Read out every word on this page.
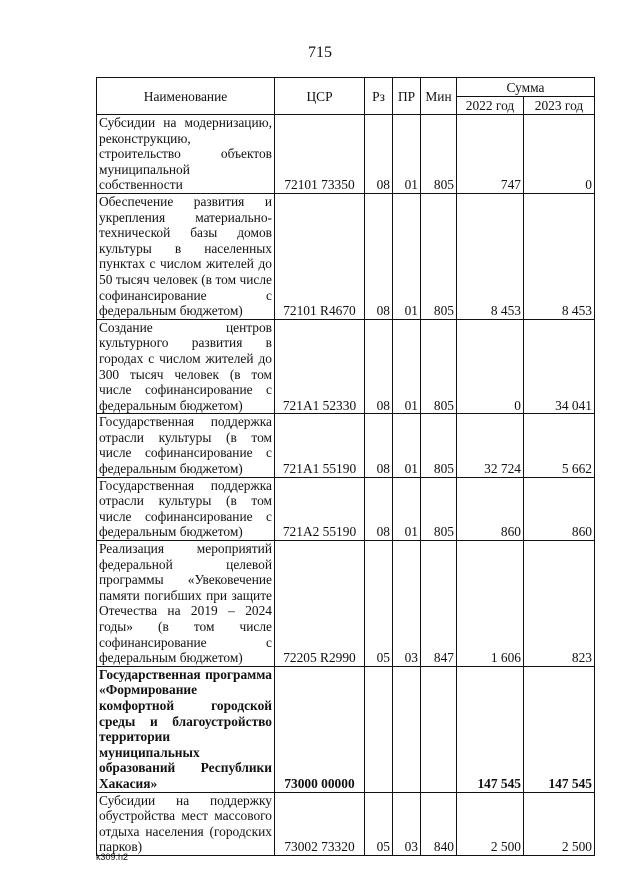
715
Наименование	ЦСР	Рз	ПР	Мин	Сумма	
					2022 год	2023 год
Субсидии на модернизацию, реконструкцию, строительство объектов муниципальной собственности	72101 73350	08	01	805	747	0
Обеспечение развития и укрепления материально-технической базы домов культуры в населенных пунктах с числом жителей до 50 тысяч человек (в том числе софинансирование с федеральным бюджетом)	72101 R4670	08	01	805	8 453	8 453
Создание центров культурного развития в городах с числом жителей до 300 тысяч человек (в том числе софинансирование с федеральным бюджетом)	721A1 52330	08	01	805	0	34 041
Государственная поддержка отрасли культуры (в том числе софинансирование с федеральным бюджетом)	721A1 55190	08	01	805	32 724	5 662
Государственная поддержка отрасли культуры (в том числе софинансирование с федеральным бюджетом)	721A2 55190	08	01	805	860	860
Реализация мероприятий федеральной целевой программы «Увековечение памяти погибших при защите Отечества на 2019 – 2024 годы» (в том числе софинансирование с федеральным бюджетом)	72205 R2990	05	03	847	1 606	823
Государственная программа «Формирование комфортной городской среды и благоустройство территории муниципальных образований Республики Хакасия»	73000 00000				147 545	147 545
Субсидии на поддержку обустройства мест массового отдыха населения (городских парков)	73002 73320	05	03	840	2 500	2 500
k309.h2
